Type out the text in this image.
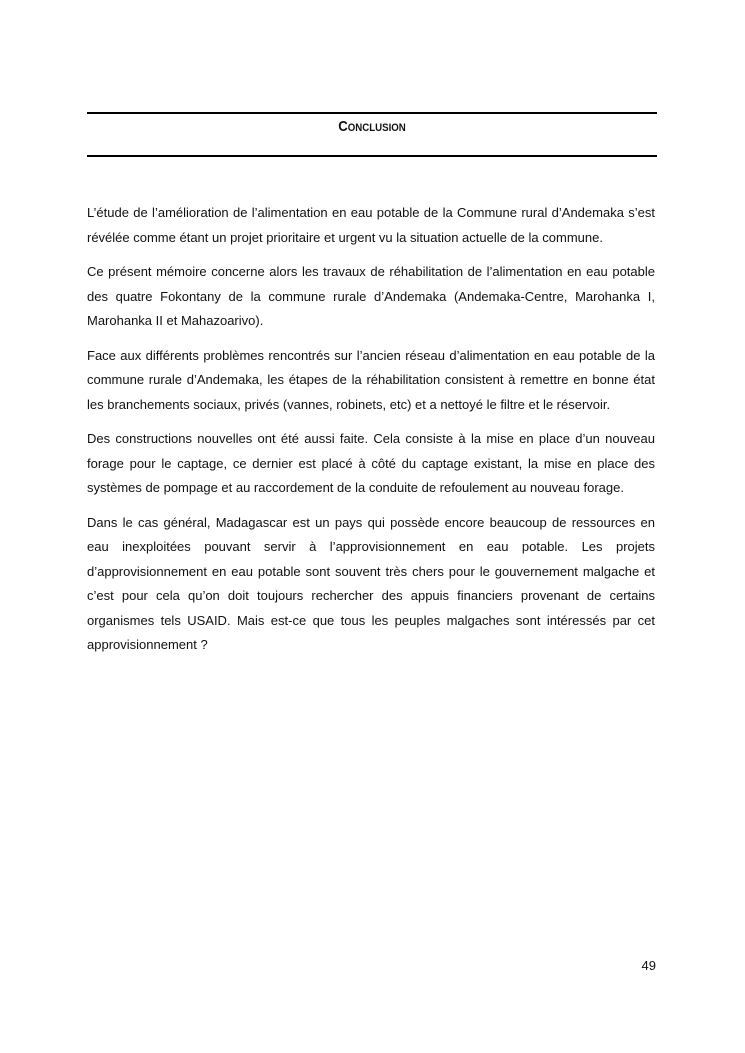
Conclusion

L’étude de l’amélioration de l’alimentation en eau potable de la Commune rural d’Andemaka s’est révélée comme étant un projet prioritaire et urgent vu la situation actuelle de la commune.

Ce présent mémoire concerne alors les travaux de réhabilitation de l’alimentation en eau potable des quatre Fokontany de la commune rurale d’Andemaka (Andemaka-Centre, Marohanka I, Marohanka II et Mahazoarivo).

Face aux différents problèmes rencontrés sur l’ancien réseau d’alimentation en eau potable de la commune rurale d’Andemaka, les étapes de la réhabilitation consistent à remettre en bonne état les branchements sociaux, privés (vannes, robinets, etc) et a nettoyé le filtre et le réservoir.

Des constructions nouvelles ont été aussi faite. Cela consiste à la mise en place d’un nouveau forage pour le captage, ce dernier est placé à côté du captage existant, la mise en place des systèmes de pompage et au raccordement de la conduite de refoulement au nouveau forage.

Dans le cas général, Madagascar est un pays qui possède encore beaucoup de ressources en eau inexploitées pouvant servir à l’approvisionnement en eau potable. Les projets d’approvisionnement en eau potable sont souvent très chers pour le gouvernement malgache et c’est pour cela qu’on doit toujours rechercher des appuis financiers provenant de certains organismes tels USAID. Mais est-ce que tous les peuples malgaches sont intéressés par cet approvisionnement ?

49
